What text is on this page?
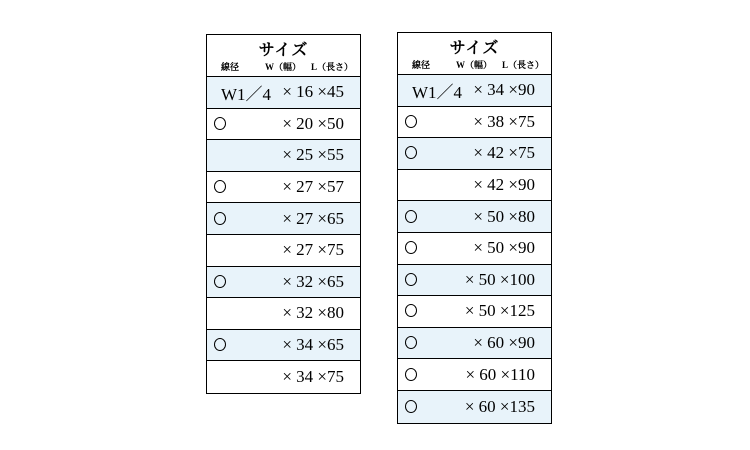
サイズ
線径	W（幅） L（長さ）
W1／4 × 16 ×45
× 20 ×50
× 25 ×55
× 27 ×57
× 27 ×65
× 27 ×75
× 32 ×65
× 32 ×80
× 34 ×65
× 34 ×75
サイズ
線径	W（幅） L（長さ）
W1／4 × 34 ×90
× 38 ×75
× 42 ×75
× 42 ×90
× 50 ×80
× 50 ×90
× 50 ×100
× 50 ×125
× 60 ×90
× 60 ×110
× 60 ×135
